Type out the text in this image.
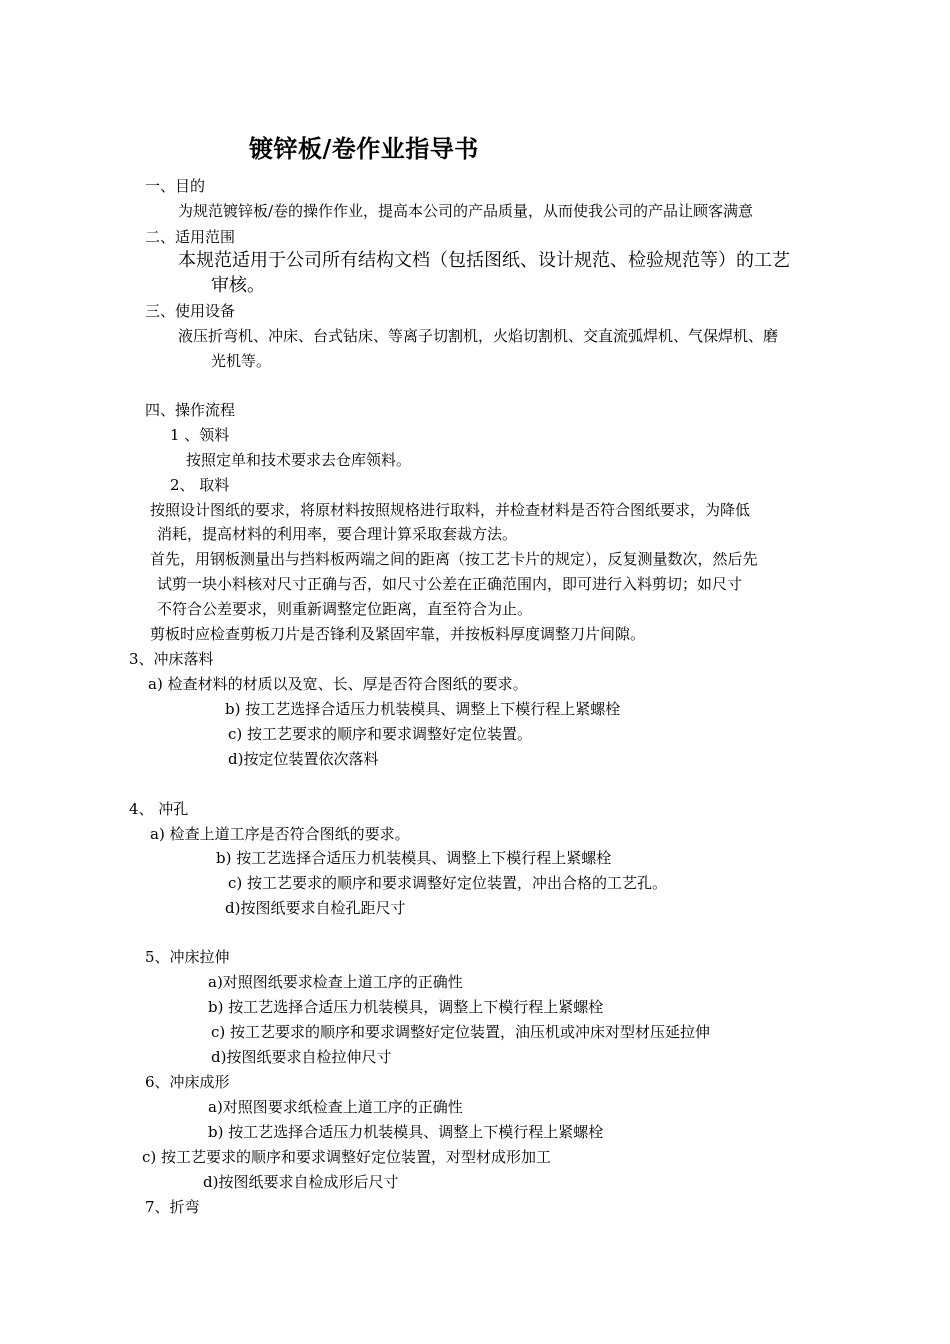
镀锌板/卷作业指导书
一、目的
为规范镀锌板/卷的操作作业，提高本公司的产品质量，从而使我公司的产品让顾客满意
二、适用范围
本规范适用于公司所有结构文档（包括图纸、设计规范、检验规范等）的工艺
审核。
三、使用设备
液压折弯机、冲床、台式钻床、等离子切割机，火焰切割机、交直流弧焊机、气保焊机、磨
光机等。
四、操作流程
1 、领料
按照定单和技术要求去仓库领料。
2、 取料
按照设计图纸的要求，将原材料按照规格进行取料，并检查材料是否符合图纸要求，为降低
消耗，提高材料的利用率，要合理计算采取套裁方法。
首先，用钢板测量出与挡料板两端之间的距离（按工艺卡片的规定），反复测量数次，然后先
试剪一块小料核对尺寸正确与否，如尺寸公差在正确范围内，即可进行入料剪切；如尺寸
不符合公差要求，则重新调整定位距离，直至符合为止。
剪板时应检查剪板刀片是否锋利及紧固牢靠，并按板料厚度调整刀片间隙。
3、冲床落料
a) 检查材料的材质以及宽、长、厚是否符合图纸的要求。
b) 按工艺选择合适压力机装模具、调整上下模行程上紧螺栓
c) 按工艺要求的顺序和要求调整好定位装置。
d)按定位装置依次落料
4、 冲孔
a) 检查上道工序是否符合图纸的要求。
b) 按工艺选择合适压力机装模具、调整上下模行程上紧螺栓
c) 按工艺要求的顺序和要求调整好定位装置，冲出合格的工艺孔。
d)按图纸要求自检孔距尺寸
5、冲床拉伸
a)对照图纸要求检查上道工序的正确性
b) 按工艺选择合适压力机装模具，调整上下模行程上紧螺栓
c) 按工艺要求的顺序和要求调整好定位装置，油压机或冲床对型材压延拉伸
d)按图纸要求自检拉伸尺寸
6、冲床成形
a)对照图要求纸检查上道工序的正确性
b) 按工艺选择合适压力机装模具、调整上下模行程上紧螺栓
c) 按工艺要求的顺序和要求调整好定位装置，对型材成形加工
d)按图纸要求自检成形后尺寸
7、折弯
